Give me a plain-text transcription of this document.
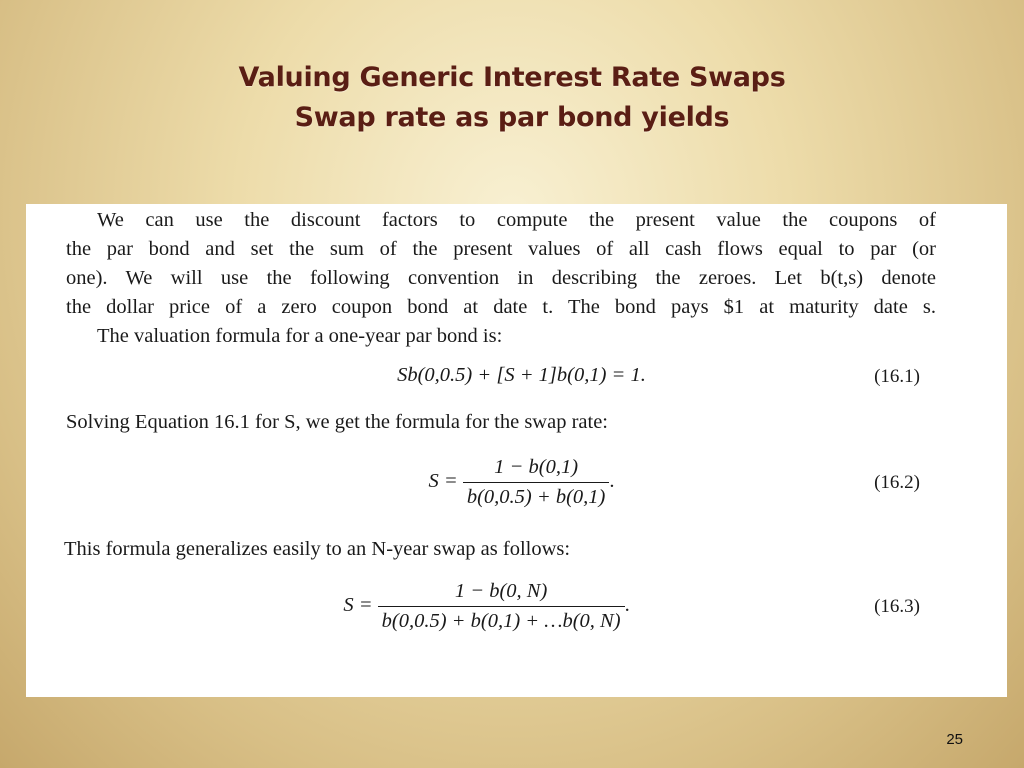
Valuing Generic Interest Rate Swaps
Swap rate as par bond yields
We can use the discount factors to compute the present value the coupons of
the par bond and set the sum of the present values of all cash flows equal to par (or
one). We will use the following convention in describing the zeroes. Let b(t,s) denote
the dollar price of a zero coupon bond at date t. The bond pays $1 at maturity date s.
The valuation formula for a one-year par bond is:
Sb(0,0.5) + [S + 1]b(0,1) = 1.	(16.1)
Solving Equation 16.1 for S, we get the formula for the swap rate:
$S = \frac{1 - b(0,1)}{b(0,0.5) + b(0,1)}$ .	(16.2)
This formula generalizes easily to an N-year swap as follows:
$S = \frac{1 - b(0, N)}{b(0,0.5) + b(0,1) + \dots b(0, N)}$ .	(16.3)
25
